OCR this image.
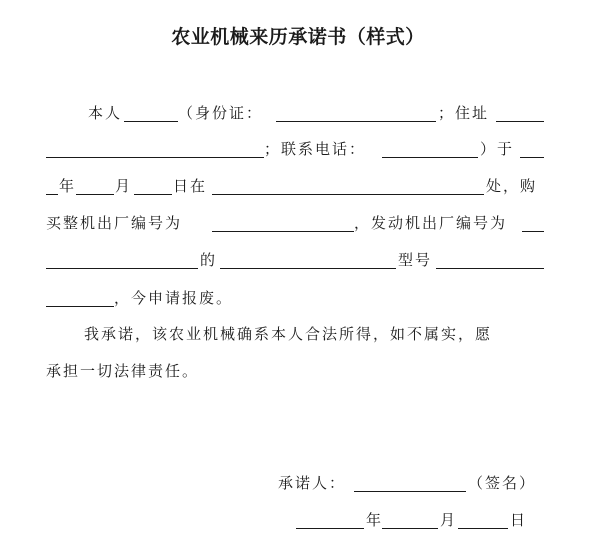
农业机械来历承诺书（样式）
本人	（身份证：	；住址
；联系电话：	）于
年	月	日在	处，购
买整机出厂编号为	，发动机出厂编号为
的	型号
，今申请报废。
我承诺，该农业机械确系本人合法所得，如不属实，愿
承担一切法律责任。
承诺人：	（签名）
年	月	日
